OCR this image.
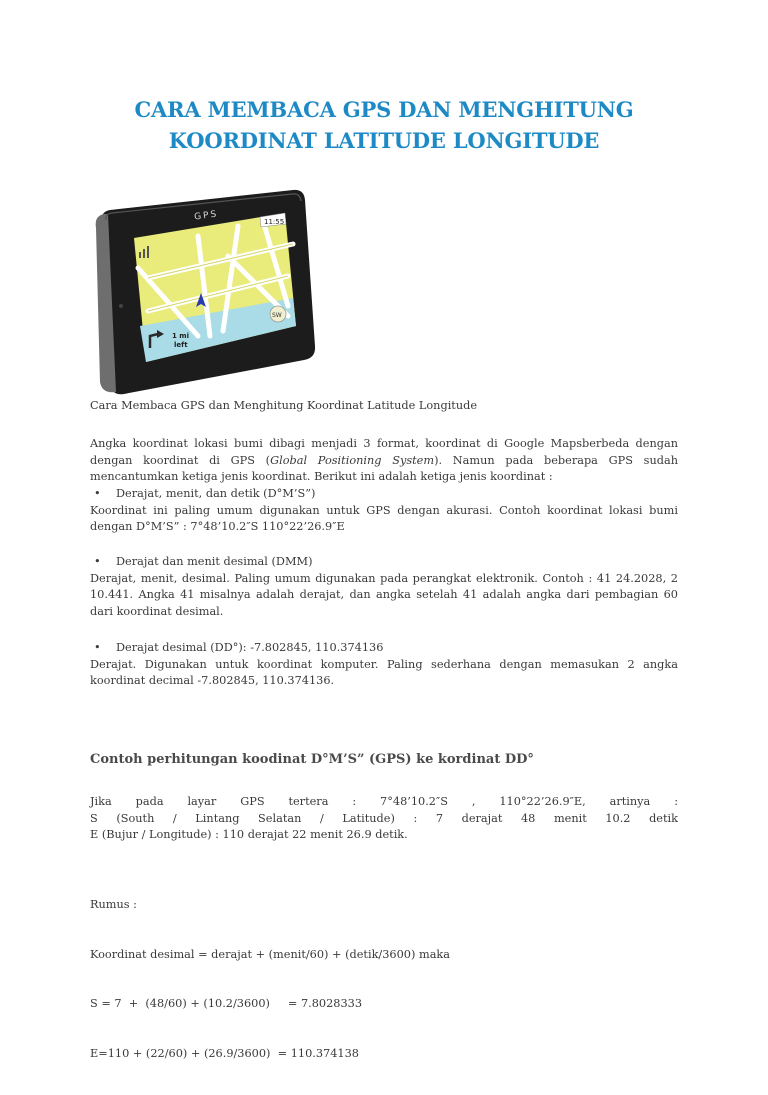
CARA MEMBACA GPS DAN MENGHITUNG
KOORDINAT LATITUDE LONGITUDE
11:55
GPS
1 mi
left
SW
Cara Membaca GPS dan Menghitung Koordinat Latitude Longitude
Angka koordinat lokasi bumi dibagi menjadi 3 format, koordinat di Google Mapsberbeda dengan dengan koordinat di GPS (Global Positioning System). Namun pada beberapa GPS sudah mencantumkan ketiga jenis koordinat. Berikut ini adalah ketiga jenis koordinat :
•	Derajat, menit, dan detik (D°M’S”)
Koordinat ini paling umum digunakan untuk GPS dengan akurasi. Contoh koordinat lokasi bumi dengan D°M’S” : 7°48’10.2″S 110°22’26.9″E
•	Derajat dan menit desimal (DMM)
Derajat, menit, desimal. Paling umum digunakan pada perangkat elektronik. Contoh : 41 24.2028, 2 10.441. Angka 41 misalnya adalah derajat, dan angka setelah 41 adalah angka dari pembagian 60 dari koordinat desimal.
•	Derajat desimal (DD°): -7.802845, 110.374136
Derajat. Digunakan untuk koordinat komputer. Paling sederhana dengan memasukan 2 angka koordinat decimal -7.802845, 110.374136.
Contoh perhitungan koodinat D°M’S” (GPS) ke kordinat DD°
Jika pada layar GPS tertera : 7°48’10.2″S , 110°22’26.9″E, artinya :
S (South / Lintang Selatan / Latitude) : 7 derajat 48 menit 10.2 detik
E (Bujur / Longitude) : 110 derajat 22 menit 26.9 detik.

Rumus :

Koordinat desimal = derajat + (menit/60) + (detik/3600) maka

S = 7  +  (48/60) + (10.2/3600)     = 7.8028333

E=110 + (22/60) + (26.9/3600)  = 110.374138
